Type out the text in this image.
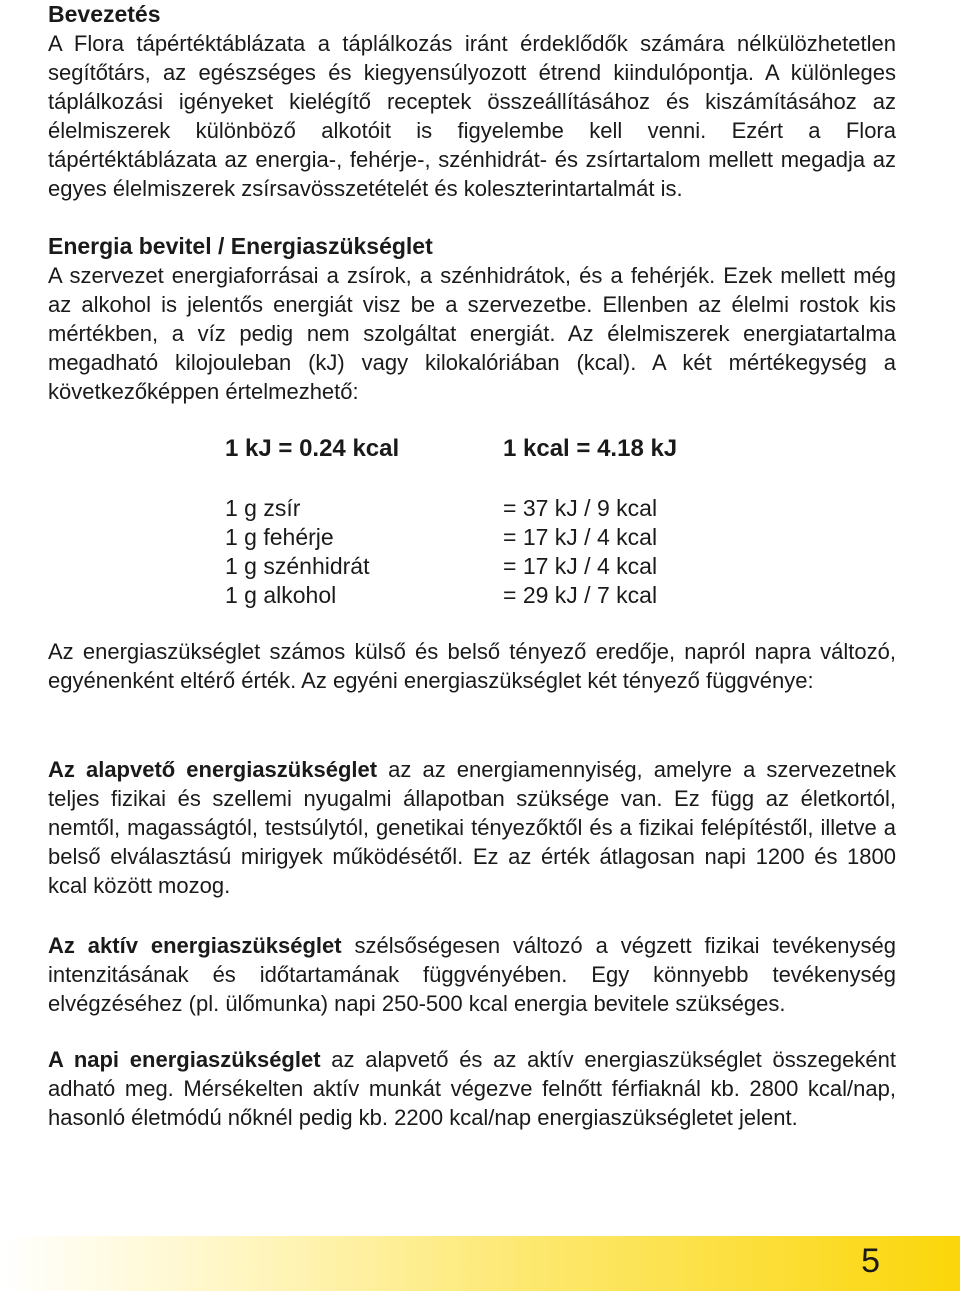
Bevezetés

A Flora tápértéktáblázata a táplálkozás iránt érdeklődők számára nélkülözhetetlen segítőtárs, az egészséges és kiegyensúlyozott étrend kiindulópontja. A különleges táplálkozási igényeket kielégítő receptek összeállításához és kiszámításához az élelmiszerek különböző alkotóit is figyelembe kell venni. Ezért a Flora tápértéktáblázata az energia-, fehérje-, szénhidrát- és zsírtartalom mellett megadja az egyes élelmiszerek zsírsavösszetételét és koleszterintartalmát is.

Energia bevitel / Energiaszükséglet

A szervezet energiaforrásai a zsírok, a szénhidrátok, és a fehérjék. Ezek mellett még az alkohol is jelentős energiát visz be a szervezetbe. Ellenben az élelmi rostok kis mértékben, a víz pedig nem szolgáltat energiát. Az élelmiszerek energiatartalma megadható kilojouleban (kJ) vagy kilokalóriában (kcal). A két mértékegység a következőképpen értelmezhető:

1 kJ = 0.24 kcal	1 kcal = 4.18 kJ
1 g zsír	= 37 kJ / 9 kcal
1 g fehérje	= 17 kJ / 4 kcal
1 g szénhidrát	= 17 kJ / 4 kcal
1 g alkohol	= 29 kJ / 7 kcal

Az energiaszükséglet számos külső és belső tényező eredője, napról napra változó, egyénenként eltérő érték. Az egyéni energiaszükséglet két tényező függvénye:

Az alapvető energiaszükséglet az az energiamennyiség, amelyre a szervezetnek teljes fizikai és szellemi nyugalmi állapotban szüksége van. Ez függ az életkortól, nemtől, magasságtól, testsúlytól, genetikai tényezőktől és a fizikai felépítéstől, illetve a belső elválasztású mirigyek működésétől. Ez az érték átlagosan napi 1200 és 1800 kcal között mozog.

Az aktív energiaszükséglet szélsőségesen változó a végzett fizikai tevékenység intenzitásának és időtartamának függvényében. Egy könnyebb tevékenység elvégzéséhez (pl. ülőmunka) napi 250-500 kcal energia bevitele szükséges.

A napi energiaszükséglet az alapvető és az aktív energiaszükséglet összegeként adható meg. Mérsékelten aktív munkát végezve felnőtt férfiaknál kb. 2800 kcal/nap, hasonló életmódú nőknél pedig kb. 2200 kcal/nap energiaszükségletet jelent.

5
